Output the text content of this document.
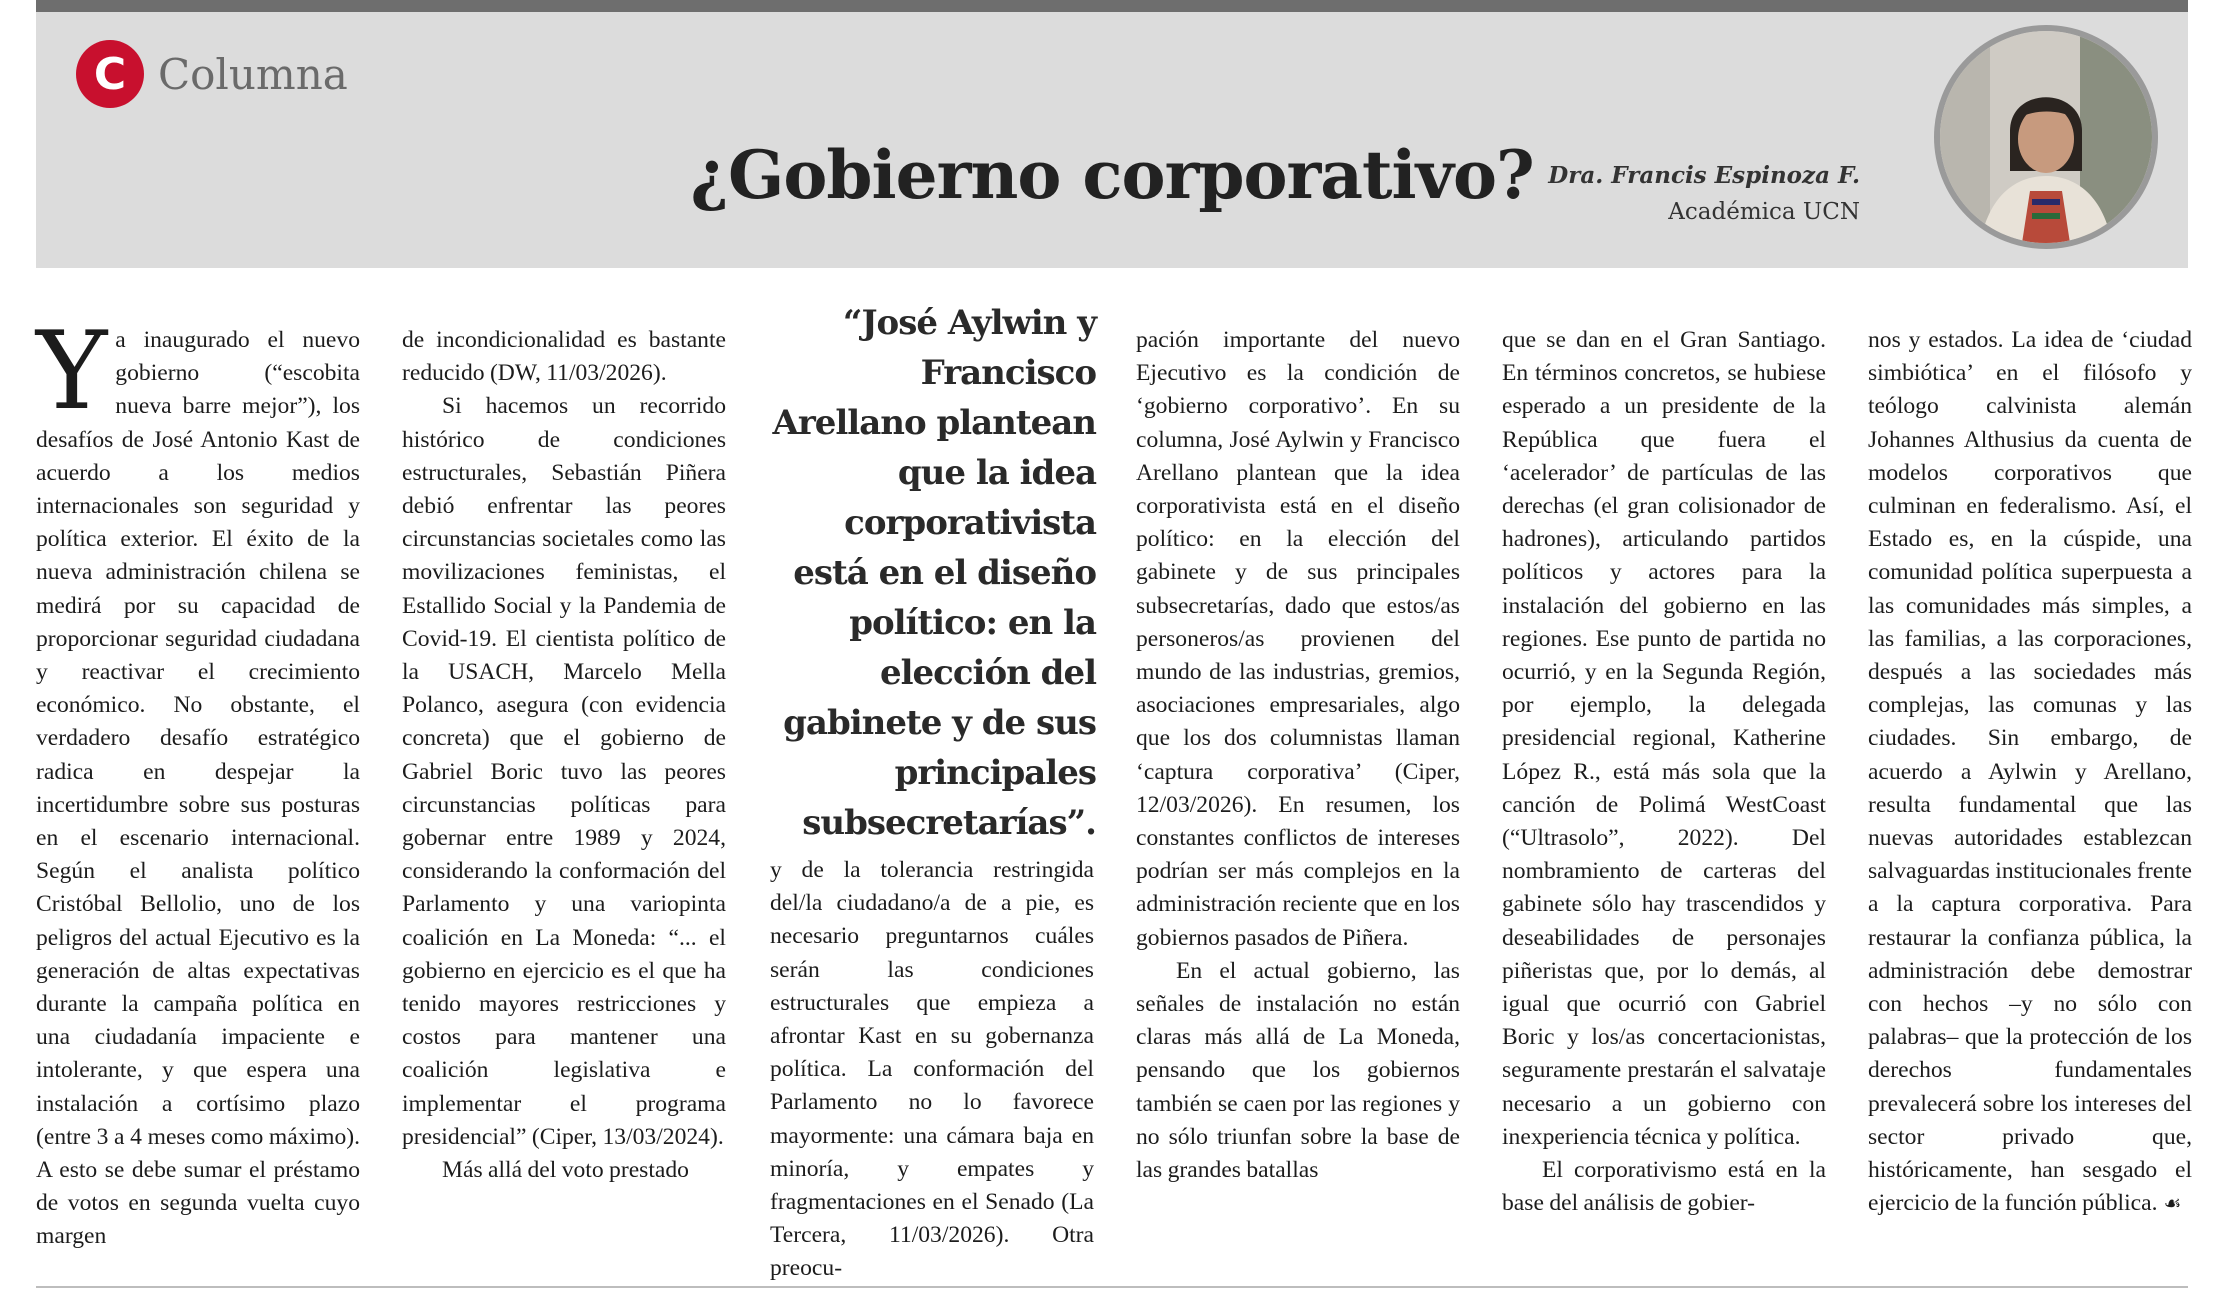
C Columna
¿Gobierno corporativo? Dra. Francis Espinoza F.
Académica UCN

Ya inaugurado el nuevo gobierno (“escobita nueva barre mejor”), los desafíos de José Antonio Kast de acuerdo a los medios internacionales son seguridad y política exterior. El éxito de la nueva administración chilena se medirá por su capacidad de proporcionar seguridad ciudadana y reactivar el crecimiento económico. No obstante, el verdadero desafío estratégico radica en despejar la incertidumbre sobre sus posturas en el escenario internacional. Según el analista político Cristóbal Bellolio, uno de los peligros del actual Ejecutivo es la generación de altas expectativas durante la campaña política en una ciudadanía impaciente e intolerante, y que espera una instalación a cortísimo plazo (entre 3 a 4 meses como máximo). A esto se debe sumar el préstamo de votos en segunda vuelta cuyo margen

de incondicionalidad es bastante reducido (DW, 11/03/2026).

Si hacemos un recorrido histórico de condiciones estructurales, Sebastián Piñera debió enfrentar las peores circunstancias societales como las movilizaciones feministas, el Estallido Social y la Pandemia de Covid-19. El cientista político de la USACH, Marcelo Mella Polanco, asegura (con evidencia concreta) que el gobierno de Gabriel Boric tuvo las peores circunstancias políticas para gobernar entre 1989 y 2024, considerando la conformación del Parlamento y una variopinta coalición en La Moneda: “... el gobierno en ejercicio es el que ha tenido mayores restricciones y costos para mantener una coalición legislativa e implementar el programa presidencial” (Ciper, 13/03/2024).

Más allá del voto prestado

“José Aylwin y Francisco Arellano plantean que la idea corporativista está en el diseño político: en la elección del gabinete y de sus principales subsecretarías”.

y de la tolerancia restringida del/la ciudadano/a de a pie, es necesario preguntarnos cuáles serán las condiciones estructurales que empieza a afrontar Kast en su gobernanza política. La conformación del Parlamento no lo favorece mayormente: una cámara baja en minoría, y empates y fragmentaciones en el Senado (La Tercera, 11/03/2026). Otra preocu-

pación importante del nuevo Ejecutivo es la condición de ‘gobierno corporativo’. En su columna, José Aylwin y Francisco Arellano plantean que la idea corporativista está en el diseño político: en la elección del gabinete y de sus principales subsecretarías, dado que estos/as personeros/as provienen del mundo de las industrias, gremios, asociaciones empresariales, algo que los dos columnistas llaman ‘captura corporativa’ (Ciper, 12/03/2026). En resumen, los constantes conflictos de intereses podrían ser más complejos en la administración reciente que en los gobiernos pasados de Piñera.

En el actual gobierno, las señales de instalación no están claras más allá de La Moneda, pensando que los gobiernos también se caen por las regiones y no sólo triunfan sobre la base de las grandes batallas

que se dan en el Gran Santiago. En términos concretos, se hubiese esperado a un presidente de la República que fuera el ‘acelerador’ de partículas de las derechas (el gran colisionador de hadrones), articulando partidos políticos y actores para la instalación del gobierno en las regiones. Ese punto de partida no ocurrió, y en la Segunda Región, por ejemplo, la delegada presidencial regional, Katherine López R., está más sola que la canción de Polimá WestCoast (“Ultrasolo”, 2022). Del nombramiento de carteras del gabinete sólo hay trascendidos y deseabilidades de personajes piñeristas que, por lo demás, al igual que ocurrió con Gabriel Boric y los/as concertacionistas, seguramente prestarán el salvataje necesario a un gobierno con inexperiencia técnica y política.

El corporativismo está en la base del análisis de gobier-

nos y estados. La idea de ‘ciudad simbiótica’ en el filósofo y teólogo calvinista alemán Johannes Althusius da cuenta de modelos corporativos que culminan en federalismo. Así, el Estado es, en la cúspide, una comunidad política superpuesta a las comunidades más simples, a las familias, a las corporaciones, después a las sociedades más complejas, las comunas y las ciudades. Sin embargo, de acuerdo a Aylwin y Arellano, resulta fundamental que las nuevas autoridades establezcan salvaguardas institucionales frente a la captura corporativa. Para restaurar la confianza pública, la administración debe demostrar con hechos –y no sólo con palabras– que la protección de los derechos fundamentales prevalecerá sobre los intereses del sector privado que, históricamente, han sesgado el ejercicio de la función pública. ☙
